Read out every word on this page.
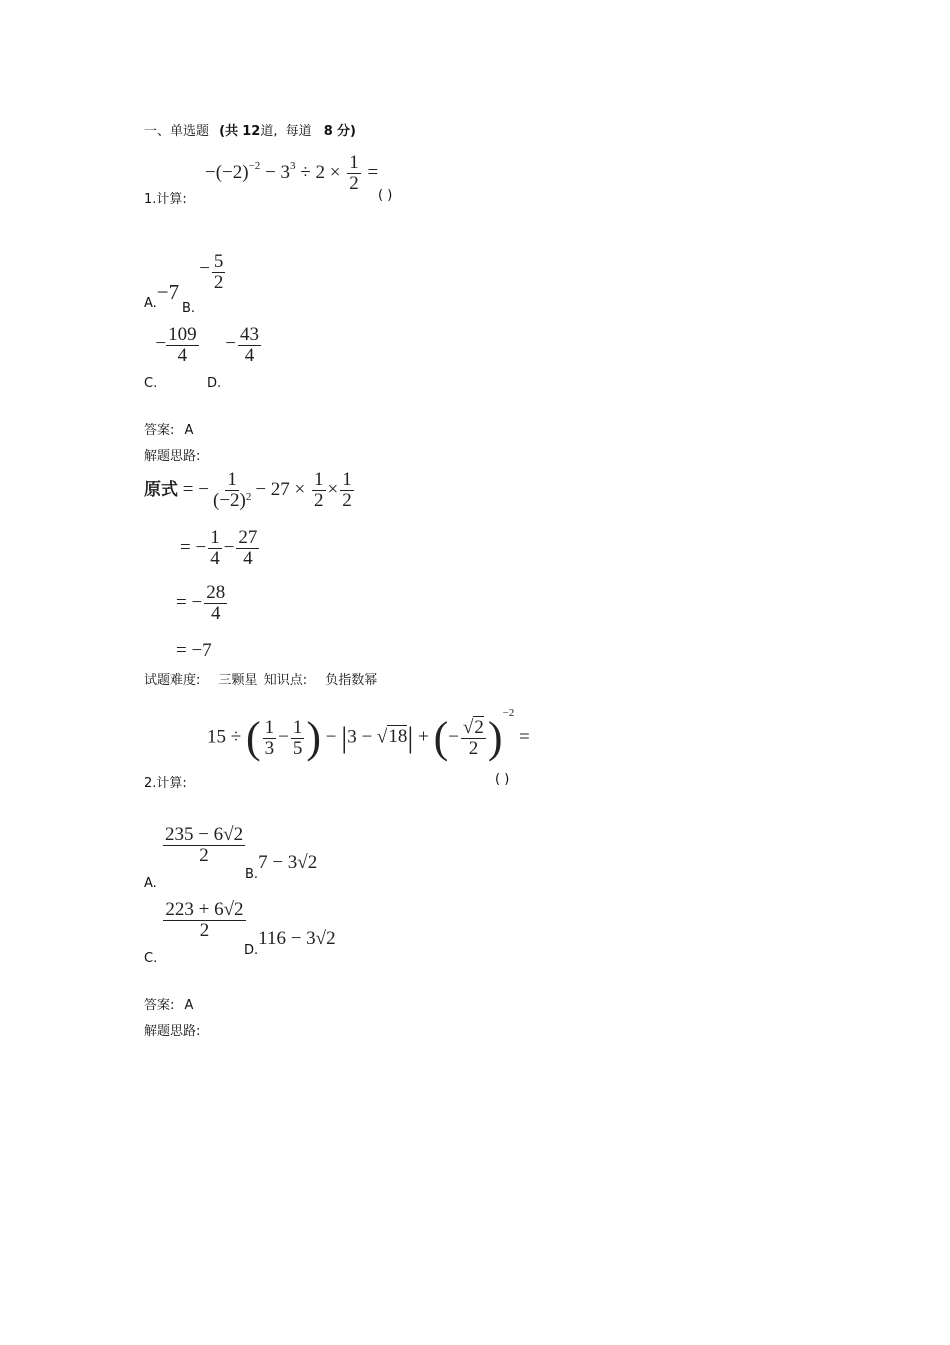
一、单选题 (共 12道, 每道 8 分)
$-(-2)^{-2} - 3^3 \div 2 \times \frac{1}{2}$ =
1.计算:	( )
A.−7
B. − $\frac{5}{2}$
C. − $\frac{109}{4}$
D. − $\frac{43}{4}$
答案: A
解题思路:
原式 = − $\frac{1}{(-2)^2} - 27 \times \frac{1}{2} \times \frac{1}{2}$
= − $\frac{1}{4} - \frac{27}{4}$
= − $\frac{28}{4}$
= −7
试题难度: 三颗星 知识点: 负指数幂
15 ÷ ( $\frac{1}{3} - \frac{1}{5}$ ) − |3 − √18| + (− $\frac{√2}{2} )^{-2}$ =
2.计算:	( )
A.
$\frac{235 - 6√2}{2}$
B.7 − 3√2
C.
$\frac{223 + 6√2}{2}$
D.116 − 3√2
答案: A
解题思路:
